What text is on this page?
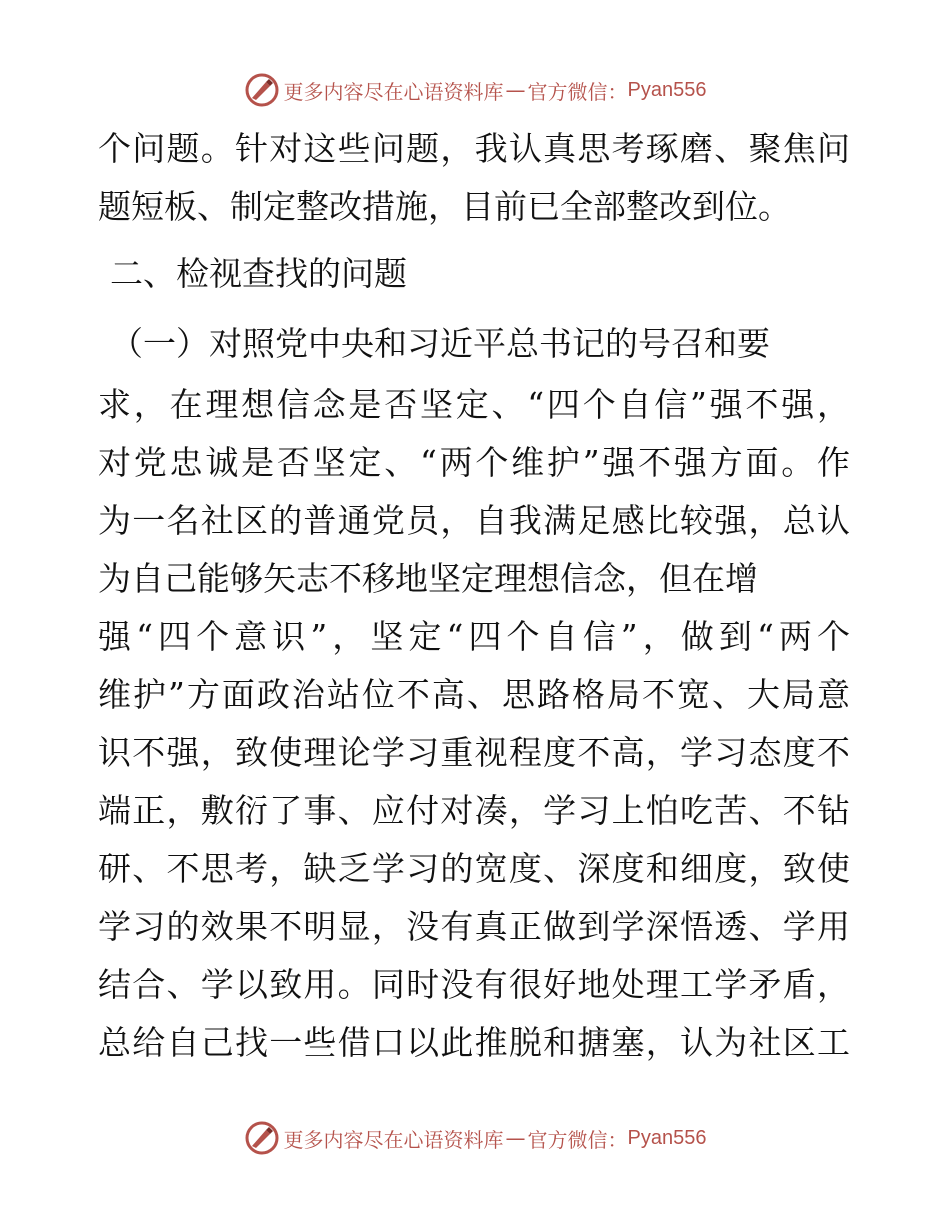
更多内容尽在心语资料库 — 官方微信： Pyan556
个问题。针对这些问题，我认真思考琢磨、聚焦问
题短板、制定整改措施，目前已全部整改到位。
二、检视查找的问题
（一）对照党中央和习近平总书记的号召和要
求，在理想信念是否坚定、“四个自信”强不强，
对党忠诚是否坚定、“两个维护”强不强方面。作
为一名社区的普通党员，自我满足感比较强，总认
为自己能够矢志不移地坚定理想信念，但在增
强“四个意识”，坚定“四个自信”，做到“两个
维护”方面政治站位不高、思路格局不宽、大局意
识不强，致使理论学习重视程度不高，学习态度不
端正，敷衍了事、应付对凑，学习上怕吃苦、不钻
研、不思考，缺乏学习的宽度、深度和细度，致使
学习的效果不明显，没有真正做到学深悟透、学用
结合、学以致用。同时没有很好地处理工学矛盾，
总给自己找一些借口以此推脱和搪塞，认为社区工
更多内容尽在心语资料库 — 官方微信： Pyan556
